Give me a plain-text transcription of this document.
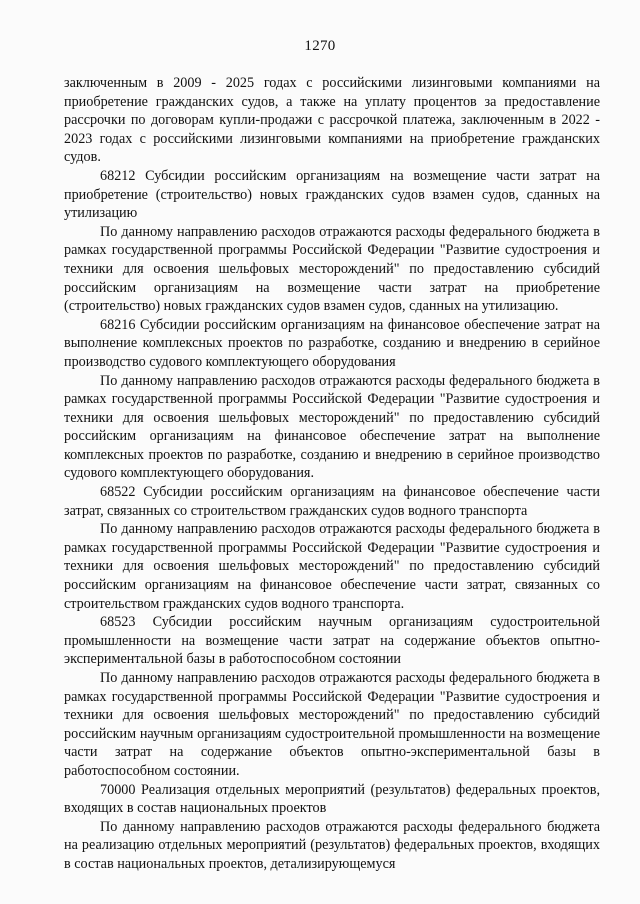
1270

заключенным в 2009 - 2025 годах с российскими лизинговыми компаниями на приобретение гражданских судов, а также на уплату процентов за предоставление рассрочки по договорам купли-продажи с рассрочкой платежа, заключенным в 2022 - 2023 годах с российскими лизинговыми компаниями на приобретение гражданских судов.

68212 Субсидии российским организациям на возмещение части затрат на приобретение (строительство) новых гражданских судов взамен судов, сданных на утилизацию

По данному направлению расходов отражаются расходы федерального бюджета в рамках государственной программы Российской Федерации "Развитие судостроения и техники для освоения шельфовых месторождений" по предоставлению субсидий российским организациям на возмещение части затрат на приобретение (строительство) новых гражданских судов взамен судов, сданных на утилизацию.

68216 Субсидии российским организациям на финансовое обеспечение затрат на выполнение комплексных проектов по разработке, созданию и внедрению в серийное производство судового комплектующего оборудования

По данному направлению расходов отражаются расходы федерального бюджета в рамках государственной программы Российской Федерации "Развитие судостроения и техники для освоения шельфовых месторождений" по предоставлению субсидий российским организациям на финансовое обеспечение затрат на выполнение комплексных проектов по разработке, созданию и внедрению в серийное производство судового комплектующего оборудования.

68522 Субсидии российским организациям на финансовое обеспечение части затрат, связанных со строительством гражданских судов водного транспорта

По данному направлению расходов отражаются расходы федерального бюджета в рамках государственной программы Российской Федерации "Развитие судостроения и техники для освоения шельфовых месторождений" по предоставлению субсидий российским организациям на финансовое обеспечение части затрат, связанных со строительством гражданских судов водного транспорта.

68523 Субсидии российским научным организациям судостроительной промышленности на возмещение части затрат на содержание объектов опытно-экспериментальной базы в работоспособном состоянии

По данному направлению расходов отражаются расходы федерального бюджета в рамках государственной программы Российской Федерации "Развитие судостроения и техники для освоения шельфовых месторождений" по предоставлению субсидий российским научным организациям судостроительной промышленности на возмещение части затрат на содержание объектов опытно-экспериментальной базы в работоспособном состоянии.

70000 Реализация отдельных мероприятий (результатов) федеральных проектов, входящих в состав национальных проектов

По данному направлению расходов отражаются расходы федерального бюджета на реализацию отдельных мероприятий (результатов) федеральных проектов, входящих в состав национальных проектов, детализирующемуся
